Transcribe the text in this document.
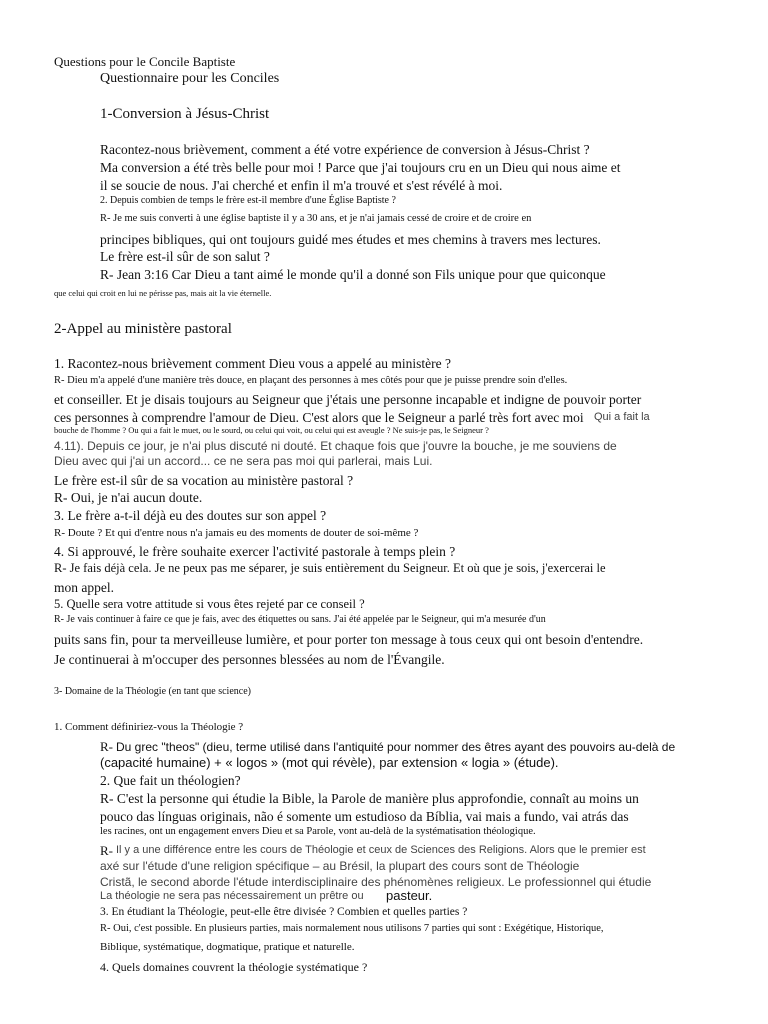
Questions pour le Concile Baptiste
Questionnaire pour les Conciles
1-Conversion à Jésus-Christ
Racontez-nous brièvement, comment a été votre expérience de conversion à Jésus-Christ ?
Ma conversion a été très belle pour moi ! Parce que j'ai toujours cru en un Dieu qui nous aime et
il se soucie de nous. J'ai cherché et enfin il m'a trouvé et s'est révélé à moi.
2. Depuis combien de temps le frère est-il membre d'une Église Baptiste ?
R- Je me suis converti à une église baptiste il y a 30 ans, et je n'ai jamais cessé de croire et de croire en
principes bibliques, qui ont toujours guidé mes études et mes chemins à travers mes lectures.
Le frère est-il sûr de son salut ?
R- Jean 3:16 Car Dieu a tant aimé le monde qu'il a donné son Fils unique pour que quiconque
que celui qui croit en lui ne périsse pas, mais ait la vie éternelle.
2-Appel au ministère pastoral
1. Racontez-nous brièvement comment Dieu vous a appelé au ministère ?
R- Dieu m'a appelé d'une manière très douce, en plaçant des personnes à mes côtés pour que je puisse prendre soin d'elles.
et conseiller. Et je disais toujours au Seigneur que j'étais une personne incapable et indigne de pouvoir porter
ces personnes à comprendre l'amour de Dieu. C'est alors que le Seigneur a parlé très fort avec moi Qui a fait la
bouche de l'homme ? Ou qui a fait le muet, ou le sourd, ou celui qui voit, ou celui qui est aveugle ? Ne suis-je pas, le Seigneur ?
4.11). Depuis ce jour, je n'ai plus discuté ni douté. Et chaque fois que j'ouvre la bouche, je me souviens de
Dieu avec qui j'ai un accord... ce ne sera pas moi qui parlerai, mais Lui.
Le frère est-il sûr de sa vocation au ministère pastoral ?
R- Oui, je n'ai aucun doute.
3. Le frère a-t-il déjà eu des doutes sur son appel ?
R- Doute ? Et qui d'entre nous n'a jamais eu des moments de douter de soi-même ?
4. Si approuvé, le frère souhaite exercer l'activité pastorale à temps plein ?
R- Je fais déjà cela. Je ne peux pas me séparer, je suis entièrement du Seigneur. Et où que je sois, j'exercerai le
mon appel.
5. Quelle sera votre attitude si vous êtes rejeté par ce conseil ?
R- Je vais continuer à faire ce que je fais, avec des étiquettes ou sans. J'ai été appelée par le Seigneur, qui m'a mesurée d'un
puits sans fin, pour ta merveilleuse lumière, et pour porter ton message à tous ceux qui ont besoin d'entendre.
Je continuerai à m'occuper des personnes blessées au nom de l'Évangile.
3- Domaine de la Théologie (en tant que science)
1. Comment définiriez-vous la Théologie ?
R- Du grec "theos" (dieu, terme utilisé dans l'antiquité pour nommer des êtres ayant des pouvoirs au-delà de
(capacité humaine) + « logos » (mot qui révèle), par extension « logia » (étude).
2. Que fait un théologien?
R- C'est la personne qui étudie la Bible, la Parole de manière plus approfondie, connaît au moins un
pouco das línguas originais, não é somente um estudioso da Bíblia, vai mais a fundo, vai atrás das
les racines, ont un engagement envers Dieu et sa Parole, vont au-delà de la systématisation théologique.
R- Il y a une différence entre les cours de Théologie et ceux de Sciences des Religions. Alors que le premier est
axé sur l'étude d'une religion spécifique – au Brésil, la plupart des cours sont de Théologie
Cristã, le second aborde l'étude interdisciplinaire des phénomènes religieux. Le professionnel qui étudie
La théologie ne sera pas nécessairement un prêtre ou pasteur.
3. En étudiant la Théologie, peut-elle être divisée ? Combien et quelles parties ?
R- Oui, c'est possible. En plusieurs parties, mais normalement nous utilisons 7 parties qui sont : Exégétique, Historique,
Biblique, systématique, dogmatique, pratique et naturelle.
4. Quels domaines couvrent la théologie systématique ?
